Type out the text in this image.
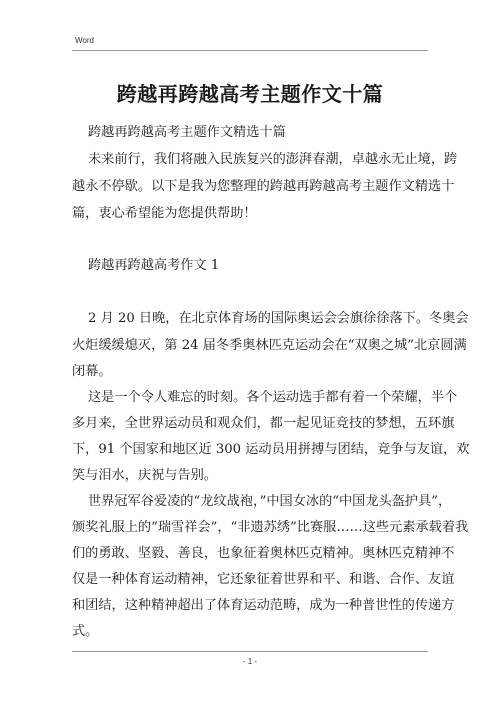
Word
跨越再跨越高考主题作文十篇
跨越再跨越高考主题作文精选十篇
未来前行，我们将融入民族复兴的澎湃春潮，卓越永无止境，跨
越永不停歇。以下是我为您整理的跨越再跨越高考主题作文精选十
篇，衷心希望能为您提供帮助！
跨越再跨越高考作文 1
2 月 20 日晚，在北京体育场的国际奥运会会旗徐徐落下。冬奥会
火炬缓缓熄灭，第 24 届冬季奥林匹克运动会在“双奥之城”北京圆满
闭幕。
这是一个令人难忘的时刻。各个运动选手都有着一个荣耀，半个
多月来，全世界运动员和观众们，都一起见证竞技的梦想，五环旗
下，91 个国家和地区近 300 运动员用拼搏与团结，竞争与友谊，欢
笑与泪水，庆祝与告别。
世界冠军谷爱凌的“龙纹战袍，”中国女冰的“中国龙头盔护具”，
颁奖礼服上的“瑞雪祥会”，“非遗苏绣”比赛服……这些元素承载着我
们的勇敢、坚毅、善良，也象征着奥林匹克精神。奥林匹克精神不
仅是一种体育运动精神，它还象征着世界和平、和谐、合作、友谊
和团结，这种精神超出了体育运动范畴，成为一种普世性的传递方
式。
- 1 -
